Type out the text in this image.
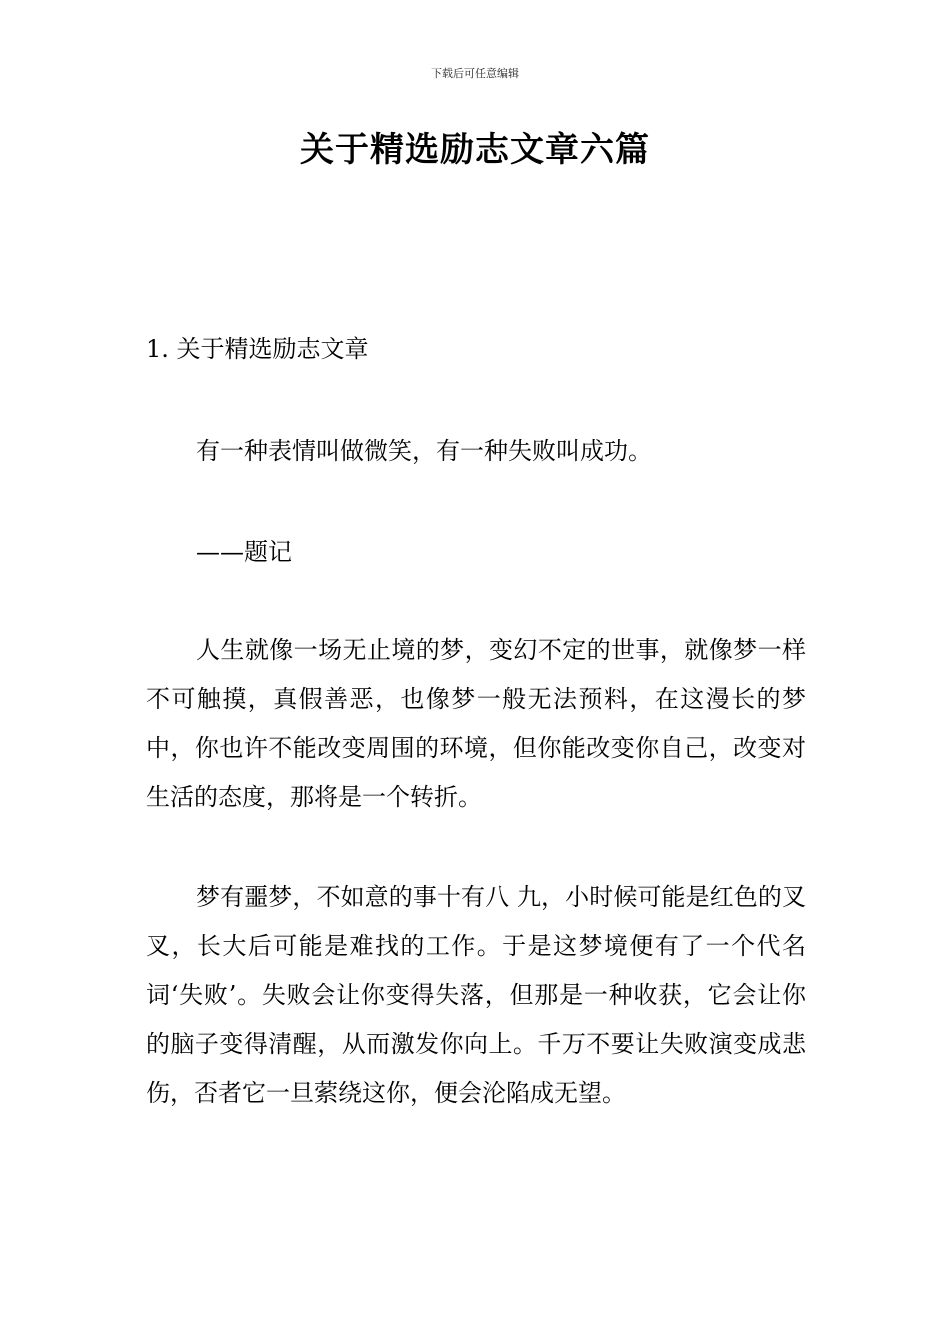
下载后可任意编辑
关于精选励志文章六篇
1. 关于精选励志文章

有一种表情叫做微笑，有一种失败叫成功。

——题记

人生就像一场无止境的梦，变幻不定的世事，就像梦一样不可触摸，真假善恶，也像梦一般无法预料，在这漫长的梦中，你也许不能改变周围的环境，但你能改变你自己，改变对生活的态度，那将是一个转折。

梦有噩梦，不如意的事十有八 九，小时候可能是红色的叉叉，长大后可能是难找的工作。于是这梦境便有了一个代名词‘失败’。失败会让你变得失落，但那是一种收获，它会让你的脑子变得清醒，从而激发你向上。千万不要让失败演变成悲伤，否者它一旦萦绕这你，便会沦陷成无望。
